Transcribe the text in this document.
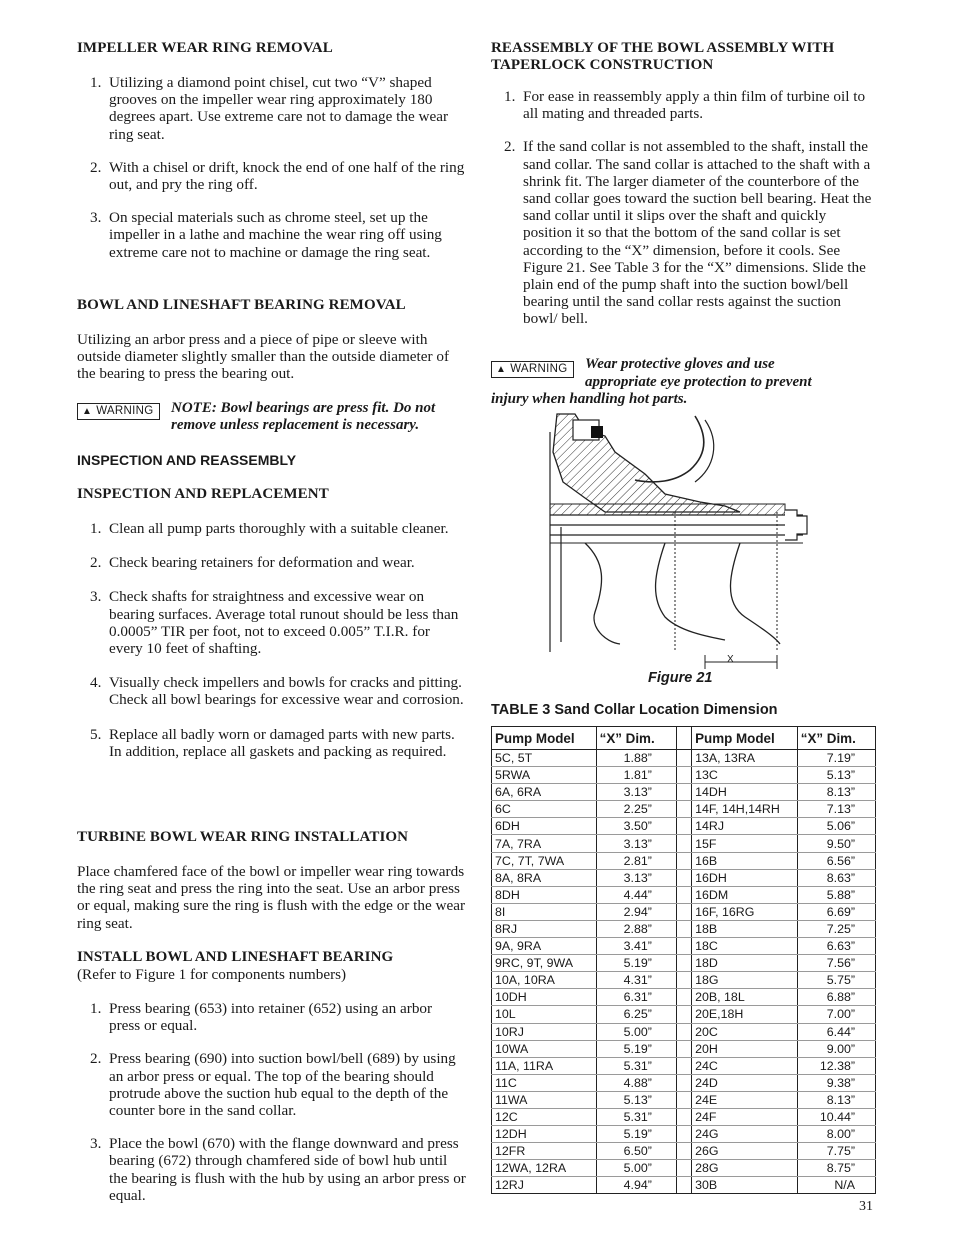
IMPELLER WEAR RING REMOVAL
1. Utilizing a diamond point chisel, cut two “V” shaped grooves on the impeller wear ring approximately 180 degrees apart. Use extreme care not to damage the wear ring seat.
2. With a chisel or drift, knock the end of one half of the ring out, and pry the ring off.
3. On special materials such as chrome steel, set up the impeller in a lathe and machine the wear ring off using extreme care not to machine or damage the ring seat.
BOWL AND LINESHAFT BEARING REMOVAL

Utilizing an arbor press and a piece of pipe or sleeve with outside diameter slightly smaller than the outside diameter of the bearing to press the bearing out.

▲ WARNING	NOTE: Bowl bearings are press fit. Do not remove unless replacement is necessary.
INSPECTION AND REASSEMBLY
INSPECTION AND REPLACEMENT
1. Clean all pump parts thoroughly with a suitable cleaner.
2. Check bearing retainers for deformation and wear.
3. Check shafts for straightness and excessive wear on bearing surfaces. Average total runout should be less than 0.0005” TIR per foot, not to exceed 0.005” T.I.R. for every 10 feet of shafting.
4. Visually check impellers and bowls for cracks and pitting. Check all bowl bearings for excessive wear and corrosion.
5. Replace all badly worn or damaged parts with new parts. In addition, replace all gaskets and packing as required.
TURBINE BOWL WEAR RING INSTALLATION

Place chamfered face of the bowl or impeller wear ring towards the ring seat and press the ring into the seat. Use an arbor press or equal, making sure the ring is flush with the edge or the wear ring seat.

INSTALL BOWL AND LINESHAFT BEARING

(Refer to Figure 1 for components numbers)

1. Press bearing (653) into retainer (652) using an arbor press or equal.
2. Press bearing (690) into suction bowl/bell (689) by using an arbor press or equal. The top of the bearing should protrude above the suction hub equal to the depth of the counter bore in the sand collar.
3. Place the bowl (670) with the flange downward and press bearing (672) through chamfered side of bowl hub until the bearing is flush with the hub by using an arbor press or equal.
REASSEMBLY OF THE BOWL ASSEMBLY WITH TAPERLOCK CONSTRUCTION
1. For ease in reassembly apply a thin film of turbine oil to all mating and threaded parts.
2. If the sand collar is not assembled to the shaft, install the sand collar. The sand collar is attached to the shaft with a shrink fit. The larger diameter of the counterbore of the sand collar goes toward the suction bell bearing. Heat the sand collar until it slips over the shaft and quickly position it so that the bottom of the sand collar is set according to the “X” dimension, before it cools. See Figure 21. See Table 3 for the “X” dimensions. Slide the plain end of the pump shaft into the suction bowl/bell bearing until the sand collar rests against the suction bowl/ bell.
▲ WARNING	Wear protective gloves and use
appropriate eye protection to prevent
injury when handling hot parts.
X
Figure 21
TABLE 3 Sand Collar Location Dimension
Pump Model	“X” Dim.		Pump Model	“X” Dim.
5C, 5T	1.88”		13A, 13RA	7.19”
5RWA	1.81”		13C	5.13”
6A, 6RA	3.13”		14DH	8.13”
6C	2.25”		14F, 14H,14RH	7.13”
6DH	3.50”		14RJ	5.06”
7A, 7RA	3.13”		15F	9.50”
7C, 7T, 7WA	2.81”		16B	6.56”
8A, 8RA	3.13”		16DH	8.63”
8DH	4.44”		16DM	5.88”
8I	2.94”		16F, 16RG	6.69”
8RJ	2.88”		18B	7.25”
9A, 9RA	3.41”		18C	6.63”
9RC, 9T, 9WA	5.19”		18D	7.56”
10A, 10RA	4.31”		18G	5.75”
10DH	6.31”		20B, 18L	6.88”
10L	6.25”		20E,18H	7.00”
10RJ	5.00”		20C	6.44”
10WA	5.19”		20H	9.00”
11A, 11RA	5.31”		24C	12.38”
11C	4.88”		24D	9.38”
11WA	5.13”		24E	8.13”
12C	5.31”		24F	10.44”
12DH	5.19”		24G	8.00”
12FR	6.50”		26G	7.75”
12WA, 12RA	5.00”		28G	8.75”
12RJ	4.94”		30B	N/A
31
